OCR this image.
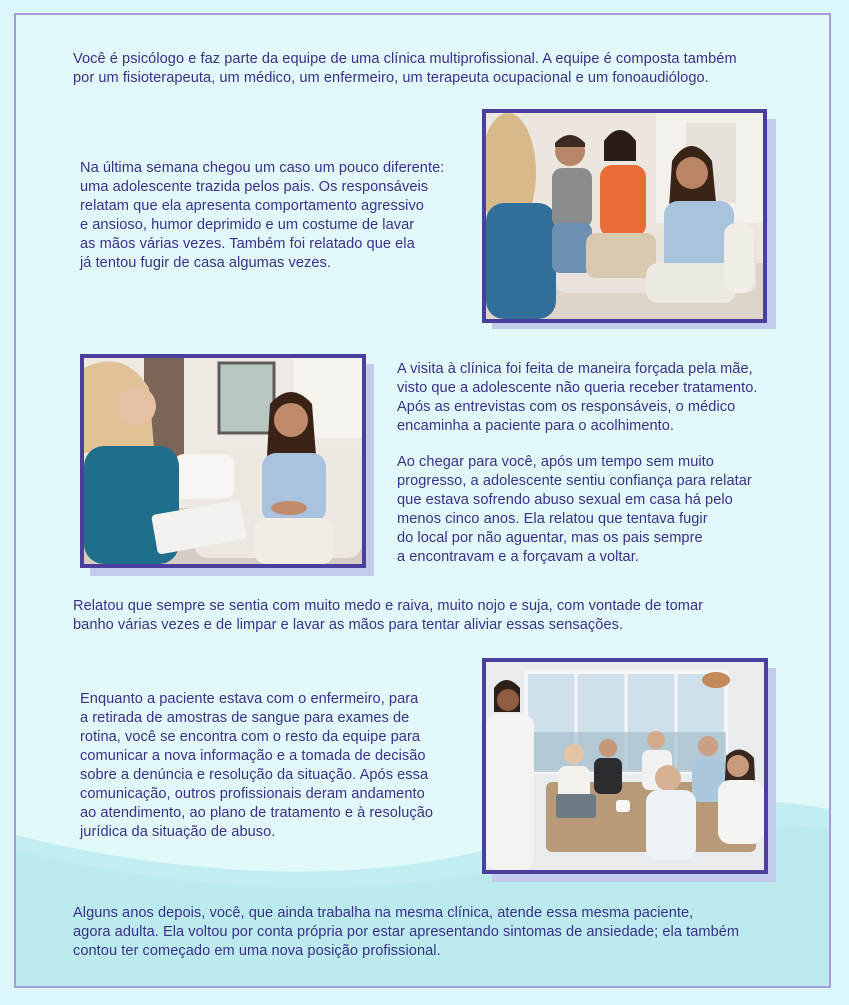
Você é psicólogo e faz parte da equipe de uma clínica multiprofissional. A equipe é composta também
por um fisioterapeuta, um médico, um enfermeiro, um terapeuta ocupacional e um fonoaudiólogo.
Na última semana chegou um caso um pouco diferente:
uma adolescente trazida pelos pais. Os responsáveis
relatam que ela apresenta comportamento agressivo
e ansioso, humor deprimido e um costume de lavar
as mãos várias vezes. Também foi relatado que ela
já tentou fugir de casa algumas vezes.
A visita à clínica foi feita de maneira forçada pela mãe,
visto que a adolescente não queria receber tratamento.
Após as entrevistas com os responsáveis, o médico
encaminha a paciente para o acolhimento.
Ao chegar para você, após um tempo sem muito
progresso, a adolescente sentiu confiança para relatar
que estava sofrendo abuso sexual em casa há pelo
menos cinco anos. Ela relatou que tentava fugir
do local por não aguentar, mas os pais sempre
a encontravam e a forçavam a voltar.
Relatou que sempre se sentia com muito medo e raiva, muito nojo e suja, com vontade de tomar
banho várias vezes e de limpar e lavar as mãos para tentar aliviar essas sensações.
Enquanto a paciente estava com o enfermeiro, para
a retirada de amostras de sangue para exames de
rotina, você se encontra com o resto da equipe para
comunicar a nova informação e a tomada de decisão
sobre a denúncia e resolução da situação. Após essa
comunicação, outros profissionais deram andamento
ao atendimento, ao plano de tratamento e à resolução
jurídica da situação de abuso.
Alguns anos depois, você, que ainda trabalha na mesma clínica, atende essa mesma paciente,
agora adulta. Ela voltou por conta própria por estar apresentando sintomas de ansiedade; ela também
contou ter começado em uma nova posição profissional.
